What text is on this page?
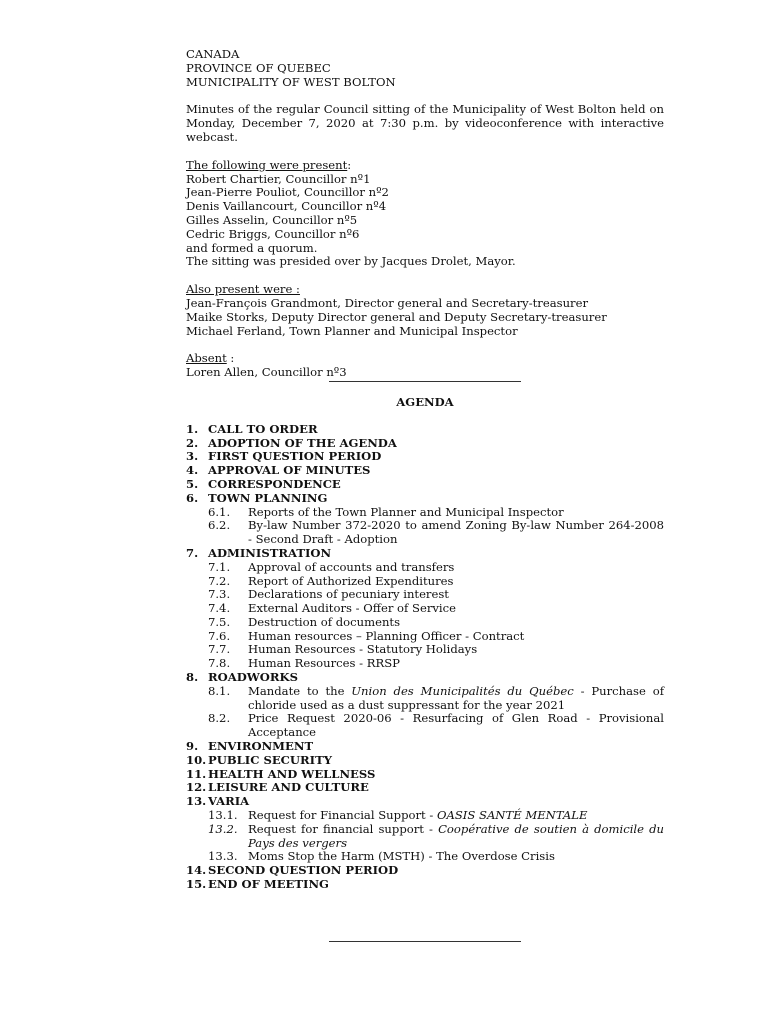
CANADA
PROVINCE OF QUEBEC
MUNICIPALITY OF WEST BOLTON
Minutes of the regular Council sitting of the Municipality of West Bolton held on Monday, December 7, 2020 at 7:30 p.m. by videoconference with interactive webcast.
The following were present:
Robert Chartier, Councillor nº1
Jean-Pierre Pouliot, Councillor nº2
Denis Vaillancourt, Councillor nº4
Gilles Asselin, Councillor nº5
Cedric Briggs, Councillor nº6
and formed a quorum.
The sitting was presided over by Jacques Drolet, Mayor.
Also present were :
Jean-François Grandmont, Director general and Secretary-treasurer
Maike Storks, Deputy Director general and Deputy Secretary-treasurer
Michael Ferland, Town Planner and Municipal Inspector
Absent :
Loren Allen, Councillor nº3
AGENDA
1. CALL TO ORDER
2. ADOPTION OF THE AGENDA
3. FIRST QUESTION PERIOD
4. APPROVAL OF MINUTES
5. CORRESPONDENCE
6. TOWN PLANNING
6.1.	Reports of the Town Planner and Municipal Inspector
6.2.	By-law Number 372-2020 to amend Zoning By-law Number 264-2008 - Second Draft - Adoption
7. ADMINISTRATION
7.1.	Approval of accounts and transfers
7.2.	Report of Authorized Expenditures
7.3.	Declarations of pecuniary interest
7.4.	External Auditors - Offer of Service
7.5.	Destruction of documents
7.6.	Human resources – Planning Officer - Contract
7.7.	Human Resources - Statutory Holidays
7.8.	Human Resources - RRSP
8. ROADWORKS
8.1.	Mandate to the Union des Municipalités du Québec - Purchase of chloride used as a dust suppressant for the year 2021
8.2.	Price Request 2020-06 - Resurfacing of Glen Road - Provisional Acceptance
9. ENVIRONMENT
10. PUBLIC SECURITY
11. HEALTH AND WELLNESS
12. LEISURE AND CULTURE
13. VARIA
13.1. Request for Financial Support - OASIS SANTÉ MENTALE
13.2. Request for financial support - Coopérative de soutien à domicile du Pays des vergers
13.3. Moms Stop the Harm (MSTH) - The Overdose Crisis
14. SECOND QUESTION PERIOD
15. END OF MEETING
